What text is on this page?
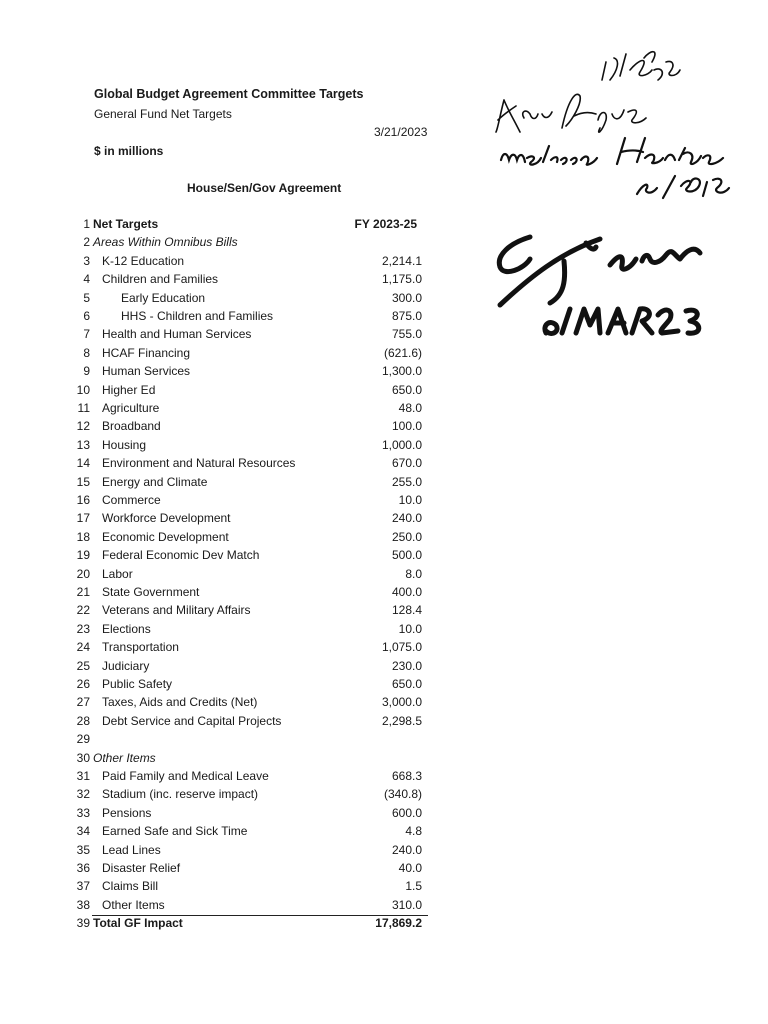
Global Budget Agreement Committee Targets
General Fund Net Targets
3/21/2023
$ in millions
House/Sen/Gov Agreement
1 Net Targets	FY 2023-25
2 Areas Within Omnibus Bills
3 K-12 Education	2,214.1
4 Children and Families	1,175.0
5	Early Education	300.0
6	HHS - Children and Families	875.0
7 Health and Human Services	755.0
8 HCAF Financing	(621.6)
9 Human Services	1,300.0
10 Higher Ed	650.0
11 Agriculture	48.0
12 Broadband	100.0
13 Housing	1,000.0
14 Environment and Natural Resources	670.0
15 Energy and Climate	255.0
16 Commerce	10.0
17 Workforce Development	240.0
18 Economic Development	250.0
19 Federal Economic Dev Match	500.0
20 Labor	8.0
21 State Government	400.0
22 Veterans and Military Affairs	128.4
23 Elections	10.0
24 Transportation	1,075.0
25 Judiciary	230.0
26 Public Safety	650.0
27 Taxes, Aids and Credits (Net)	3,000.0
28 Debt Service and Capital Projects	2,298.5
29
30 Other Items
31 Paid Family and Medical Leave	668.3
32 Stadium (inc. reserve impact)	(340.8)
33 Pensions	600.0
34 Earned Safe and Sick Time	4.8
35 Lead Lines	240.0
36 Disaster Relief	40.0
37 Claims Bill	1.5
38 Other Items	310.0
39 Total GF Impact	17,869.2
